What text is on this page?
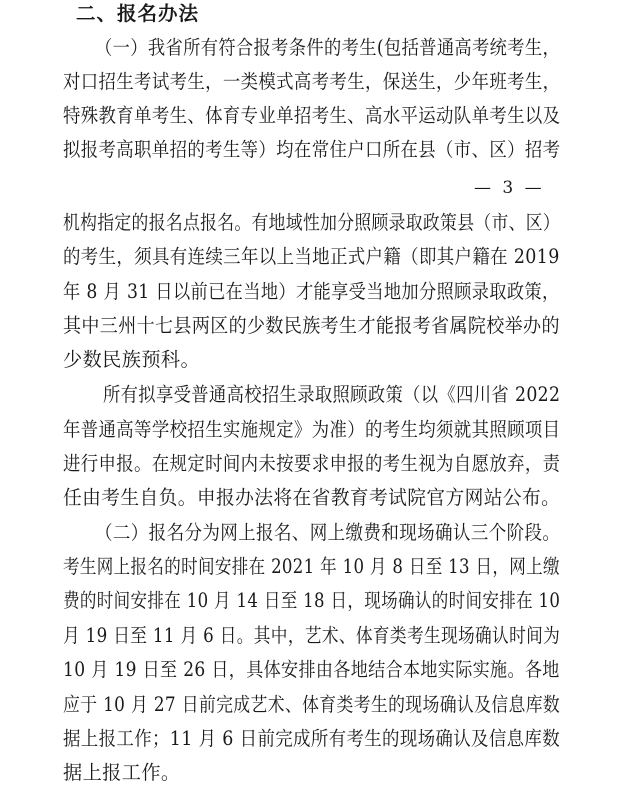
二、报名办法
（一）我省所有符合报考条件的考生(包括普通高考统考生，
对口招生考试考生，一类模式高考考生，保送生，少年班考生，
特殊教育单考生、体育专业单招考生、高水平运动队单考生以及
拟报考高职单招的考生等）均在常住户口所在县（市、区）招考
— 3 —
机构指定的报名点报名。有地域性加分照顾录取政策县（市、区）
的考生，须具有连续三年以上当地正式户籍（即其户籍在 2019
年 8 月 31 日以前已在当地）才能享受当地加分照顾录取政策，
其中三州十七县两区的少数民族考生才能报考省属院校举办的
少数民族预科。
所有拟享受普通高校招生录取照顾政策（以《四川省 2022
年普通高等学校招生实施规定》为准）的考生均须就其照顾项目
进行申报。在规定时间内未按要求申报的考生视为自愿放弃，责
任由考生自负。申报办法将在省教育考试院官方网站公布。
（二）报名分为网上报名、网上缴费和现场确认三个阶段。
考生网上报名的时间安排在 2021 年 10 月 8 日至 13 日，网上缴
费的时间安排在 10 月 14 日至 18 日，现场确认的时间安排在 10
月 19 日至 11 月 6 日。其中，艺术、体育类考生现场确认时间为
10 月 19 日至 26 日，具体安排由各地结合本地实际实施。各地
应于 10 月 27 日前完成艺术、体育类考生的现场确认及信息库数
据上报工作；11 月 6 日前完成所有考生的现场确认及信息库数
据上报工作。
